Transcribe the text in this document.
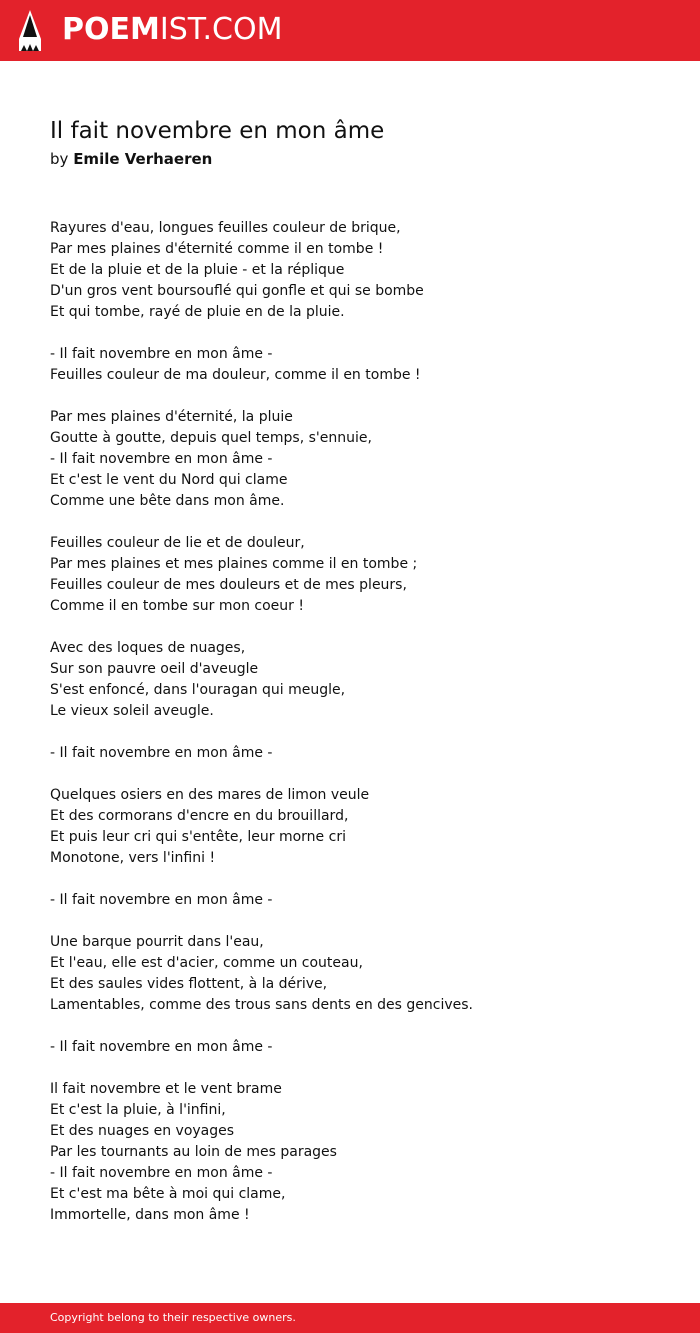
POEMIST.COM
Il fait novembre en mon âme
by Emile Verhaeren
Rayures d'eau, longues feuilles couleur de brique,
Par mes plaines d'éternité comme il en tombe !
Et de la pluie et de la pluie - et la réplique
D'un gros vent boursouflé qui gonfle et qui se bombe
Et qui tombe, rayé de pluie en de la pluie.
- Il fait novembre en mon âme -
Feuilles couleur de ma douleur, comme il en tombe !
Par mes plaines d'éternité, la pluie
Goutte à goutte, depuis quel temps, s'ennuie,
- Il fait novembre en mon âme -
Et c'est le vent du Nord qui clame
Comme une bête dans mon âme.
Feuilles couleur de lie et de douleur,
Par mes plaines et mes plaines comme il en tombe ;
Feuilles couleur de mes douleurs et de mes pleurs,
Comme il en tombe sur mon coeur !
Avec des loques de nuages,
Sur son pauvre oeil d'aveugle
S'est enfoncé, dans l'ouragan qui meugle,
Le vieux soleil aveugle.
- Il fait novembre en mon âme -
Quelques osiers en des mares de limon veule
Et des cormorans d'encre en du brouillard,
Et puis leur cri qui s'entête, leur morne cri
Monotone, vers l'infini !
- Il fait novembre en mon âme -
Une barque pourrit dans l'eau,
Et l'eau, elle est d'acier, comme un couteau,
Et des saules vides flottent, à la dérive,
Lamentables, comme des trous sans dents en des gencives.
- Il fait novembre en mon âme -
Il fait novembre et le vent brame
Et c'est la pluie, à l'infini,
Et des nuages en voyages
Par les tournants au loin de mes parages
- Il fait novembre en mon âme -
Et c'est ma bête à moi qui clame,
Immortelle, dans mon âme !
Copyright belong to their respective owners.
